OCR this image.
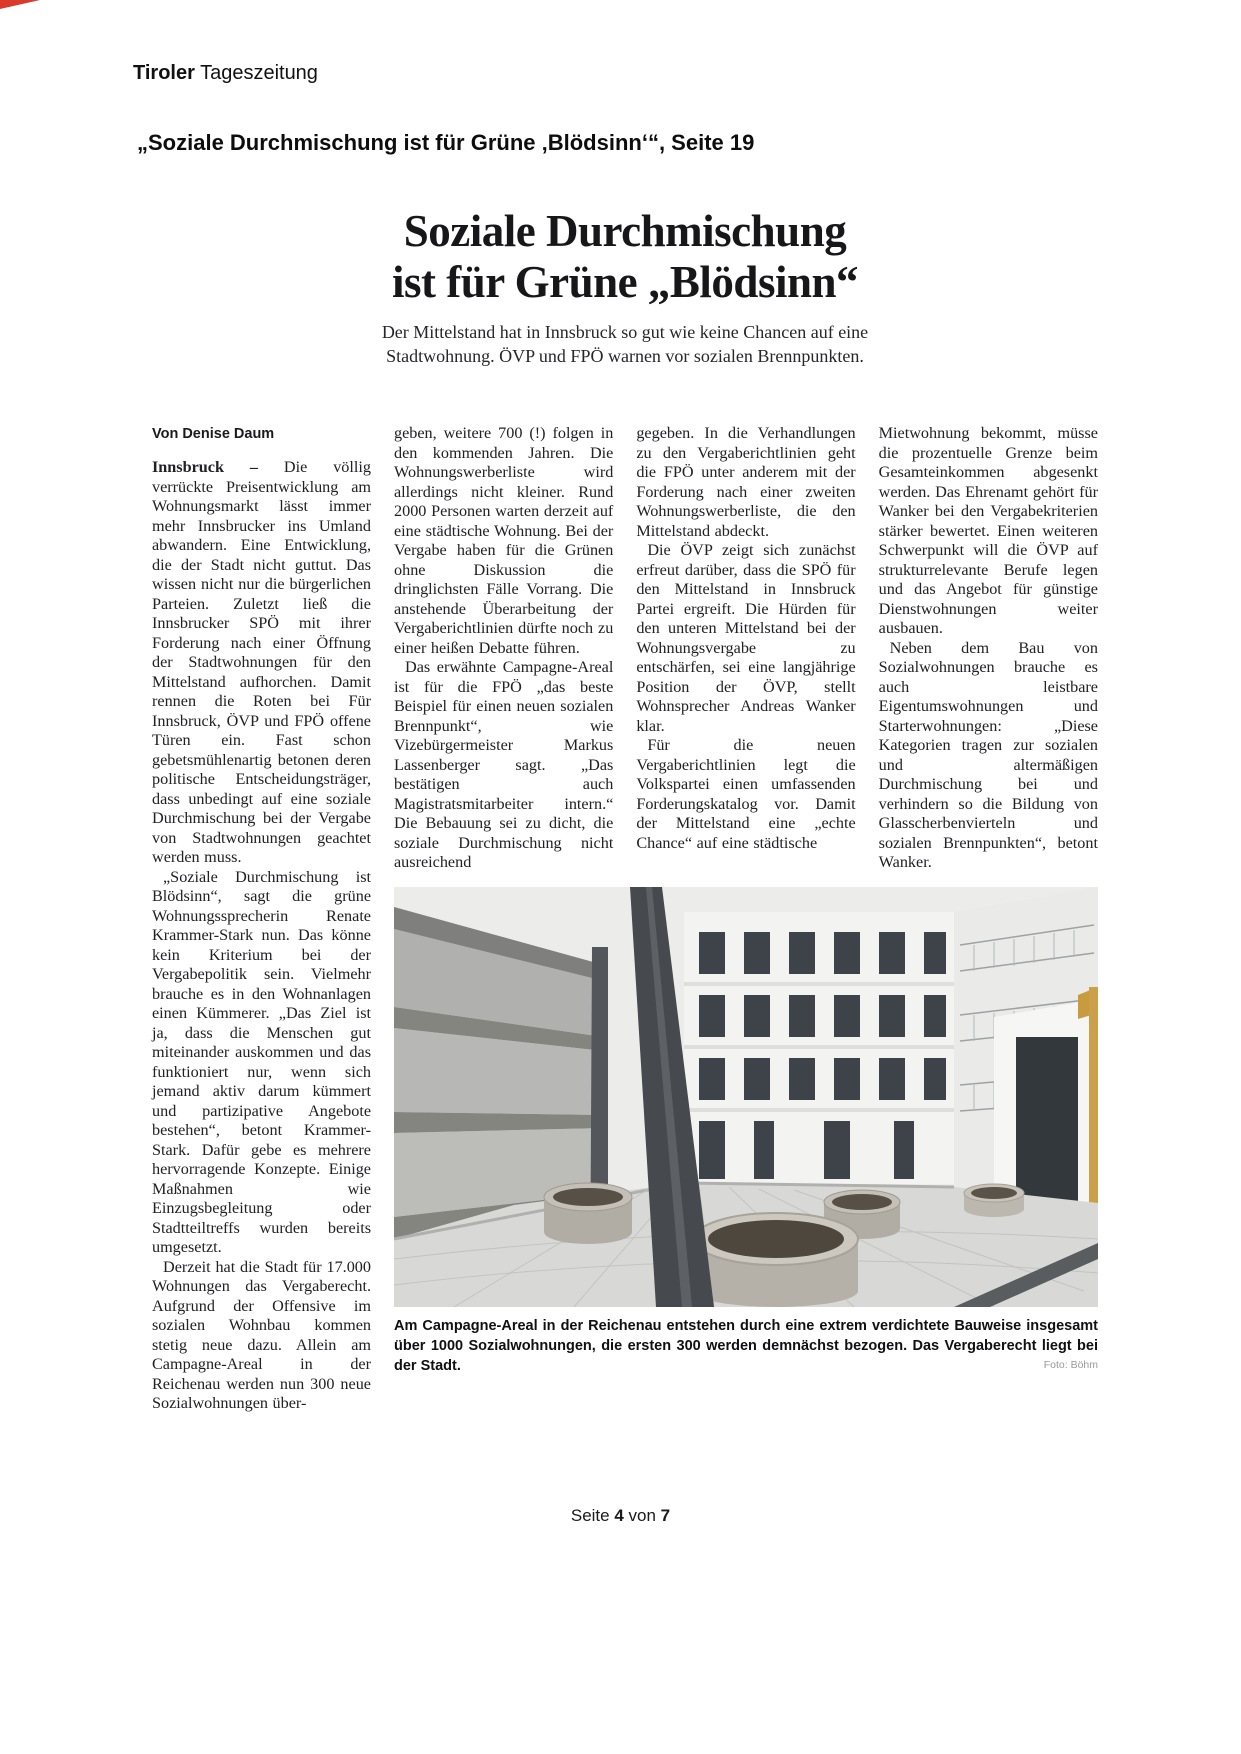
Tiroler Tageszeitung
„Soziale Durchmischung ist für Grüne ‚Blödsinn‘“, Seite 19
Soziale Durchmischung
ist für Grüne „Blödsinn“
Der Mittelstand hat in Innsbruck so gut wie keine Chancen auf eine Stadtwohnung. ÖVP und FPÖ warnen vor sozialen Brennpunkten.
Von Denise Daum

Innsbruck – Die völlig verrückte Preisentwicklung am Wohnungsmarkt lässt immer mehr Innsbrucker ins Umland abwandern. Eine Entwicklung, die der Stadt nicht guttut. Das wissen nicht nur die bürgerlichen Parteien. Zuletzt ließ die Innsbrucker SPÖ mit ihrer Forderung nach einer Öffnung der Stadtwohnungen für den Mittelstand aufhorchen. Damit rennen die Roten bei Für Innsbruck, ÖVP und FPÖ offene Türen ein. Fast schon gebetsmühlenartig betonen deren politische Entscheidungsträger, dass unbedingt auf eine soziale Durchmischung bei der Vergabe von Stadtwohnungen geachtet werden muss.

„Soziale Durchmischung ist Blödsinn“, sagt die grüne Wohnungssprecherin Renate Krammer-Stark nun. Das könne kein Kriterium bei der Vergabepolitik sein. Vielmehr brauche es in den Wohnanlagen einen Kümmerer. „Das Ziel ist ja, dass die Menschen gut miteinander auskommen und das funktioniert nur, wenn sich jemand aktiv darum kümmert und partizipative Angebote bestehen“, betont Krammer-Stark. Dafür gebe es mehrere hervorragende Konzepte. Einige Maßnahmen wie Einzugsbegleitung oder Stadtteiltreffs wurden bereits umgesetzt.

Derzeit hat die Stadt für 17.000 Wohnungen das Vergaberecht. Aufgrund der Offensive im sozialen Wohnbau kommen stetig neue dazu. Allein am Campagne-Areal in der Reichenau werden nun 300 neue Sozialwohnungen über-

geben, weitere 700 (!) folgen in den kommenden Jahren. Die Wohnungswerberliste wird allerdings nicht kleiner. Rund 2000 Personen warten derzeit auf eine städtische Wohnung. Bei der Vergabe haben für die Grünen ohne Diskussion die dringlichsten Fälle Vorrang. Die anstehende Überarbeitung der Vergaberichtlinien dürfte noch zu einer heißen Debatte führen.

Das erwähnte Campagne-Areal ist für die FPÖ „das beste Beispiel für einen neuen sozialen Brennpunkt“, wie Vizebürgermeister Markus Lassenberger sagt. „Das bestätigen auch Magistratsmitarbeiter intern.“ Die Bebauung sei zu dicht, die soziale Durchmischung nicht ausreichend

gegeben. In die Verhandlungen zu den Vergaberichtlinien geht die FPÖ unter anderem mit der Forderung nach einer zweiten Wohnungswerberliste, die den Mittelstand abdeckt.

Die ÖVP zeigt sich zunächst erfreut darüber, dass die SPÖ für den Mittelstand in Innsbruck Partei ergreift. Die Hürden für den unteren Mittelstand bei der Wohnungsvergabe zu entschärfen, sei eine langjährige Position der ÖVP, stellt Wohnsprecher Andreas Wanker klar.

Für die neuen Vergaberichtlinien legt die Volkspartei einen umfassenden Forderungskatalog vor. Damit der Mittelstand eine „echte Chance“ auf eine städtische

Mietwohnung bekommt, müsse die prozentuelle Grenze beim Gesamteinkommen abgesenkt werden. Das Ehrenamt gehört für Wanker bei den Vergabekriterien stärker bewertet. Einen weiteren Schwerpunkt will die ÖVP auf strukturrelevante Berufe legen und das Angebot für günstige Dienstwohnungen weiter ausbauen.

Neben dem Bau von Sozialwohnungen brauche es auch leistbare Eigentumswohnungen und Starterwohnungen: „Diese Kategorien tragen zur sozialen und altermäßigen Durchmischung bei und verhindern so die Bildung von Glasscherbenvierteln und sozialen Brennpunkten“, betont Wanker.

Am Campagne-Areal in der Reichenau entstehen durch eine extrem verdichtete Bauweise insgesamt über 1000 Sozialwohnungen, die ersten 300 werden demnächst bezogen. Das Vergaberecht liegt bei der Stadt.	Foto: Böhm
Seite 4 von 7
